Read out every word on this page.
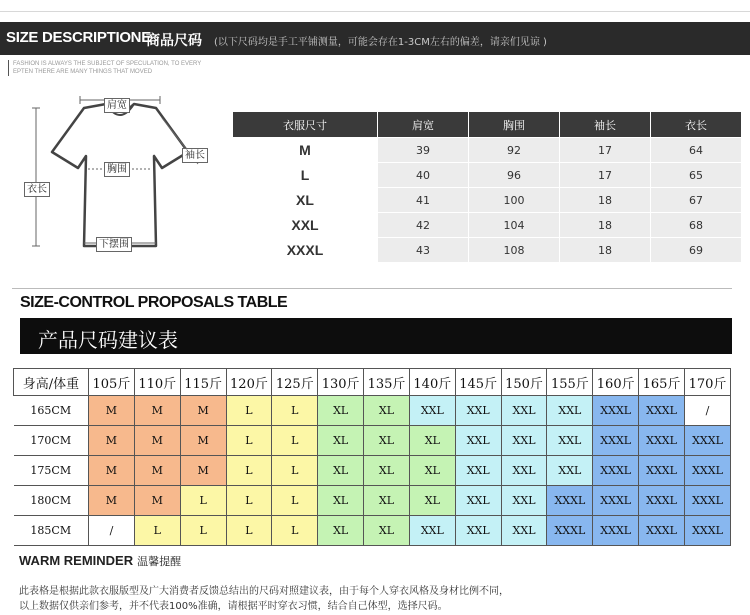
SIZE DESCRIPTIONE
商品尺码 (以下尺码均是手工平铺测量，可能会存在1-3CM左右的偏差，请亲们见谅 )
FASHION IS ALWAYS THE SUBJECT OF SPECULATION, TO EVERY
EPTEN THERE ARE MANY THINGS THAT MOVED
肩宽
袖长
胸围
衣长
下摆围
衣服尺寸	肩宽	胸围	袖长	衣长
M	39	92	17	64
L	40	96	17	65
XL	41	100	18	67
XXL	42	104	18	68
XXXL	43	108	18	69
SIZE-CONTROL PROPOSALS TABLE
产品尺码建议表
身高/体重	105斤	110斤	115斤	120斤	125斤	130斤	135斤	140斤	145斤	150斤	155斤	160斤	165斤	170斤
165CM	M	M	M	L	L	XL	XL	XXL	XXL	XXL	XXL	XXXL	XXXL	/
170CM	M	M	M	L	L	XL	XL	XL	XXL	XXL	XXL	XXXL	XXXL	XXXL
175CM	M	M	M	L	L	XL	XL	XL	XXL	XXL	XXL	XXXL	XXXL	XXXL
180CM	M	M	L	L	L	XL	XL	XL	XXL	XXL	XXXL	XXXL	XXXL	XXXL
185CM	/	L	L	L	L	XL	XL	XXL	XXL	XXL	XXXL	XXXL	XXXL	XXXL
WARM REMINDER 温馨提醒
此表格是根据此款衣服版型及广大消费者反馈总结出的尺码对照建议表，由于每个人穿衣风格及身材比例不同，
以上数据仅供亲们参考，并不代表100%准确，请根据平时穿衣习惯，结合自己体型，选择尺码。
